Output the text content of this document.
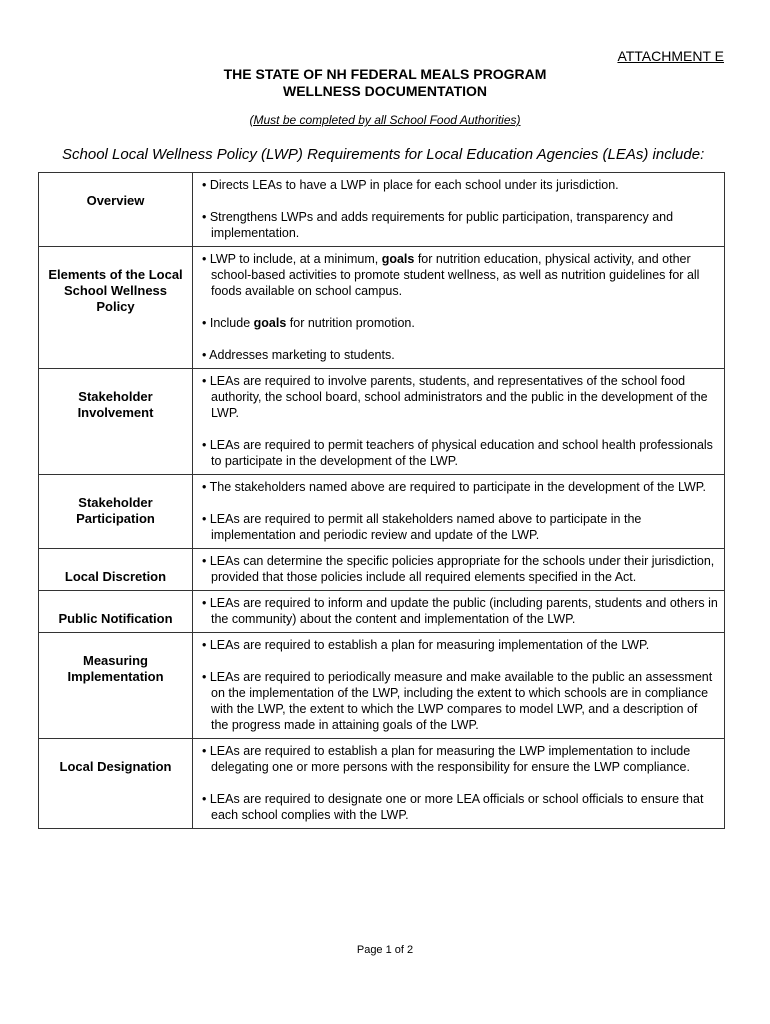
ATTACHMENT E
THE STATE OF NH FEDERAL MEALS PROGRAM
WELLNESS DOCUMENTATION
(Must be completed by all School Food Authorities)
School Local Wellness Policy (LWP) Requirements for Local Education Agencies (LEAs) include:
Overview	• Directs LEAs to have a LWP in place for each school under its jurisdiction.
• Strengthens LWPs and adds requirements for public participation, transparency and implementation.

Elements of the Local School Wellness Policy	• LWP to include, at a minimum, goals for nutrition education, physical activity, and other school-based activities to promote student wellness, as well as nutrition guidelines for all foods available on school campus.
• Include goals for nutrition promotion.
• Addresses marketing to students.

Stakeholder Involvement	• LEAs are required to involve parents, students, and representatives of the school food authority, the school board, school administrators and the public in the development of the LWP.
• LEAs are required to permit teachers of physical education and school health professionals to participate in the development of the LWP.

Stakeholder Participation	• The stakeholders named above are required to participate in the development of the LWP.
• LEAs are required to permit all stakeholders named above to participate in the implementation and periodic review and update of the LWP.

Local Discretion	• LEAs can determine the specific policies appropriate for the schools under their jurisdiction, provided that those policies include all required elements specified in the Act.

Public Notification	• LEAs are required to inform and update the public (including parents, students and others in the community) about the content and implementation of the LWP.

Measuring Implementation	• LEAs are required to establish a plan for measuring implementation of the LWP.
• LEAs are required to periodically measure and make available to the public an assessment on the implementation of the LWP, including the extent to which schools are in compliance with the LWP, the extent to which the LWP compares to model LWP, and a description of the progress made in attaining goals of the LWP.

Local Designation	• LEAs are required to establish a plan for measuring the LWP implementation to include delegating one or more persons with the responsibility for ensure the LWP compliance.
• LEAs are required to designate one or more LEA officials or school officials to ensure that each school complies with the LWP.
Page 1 of 2
